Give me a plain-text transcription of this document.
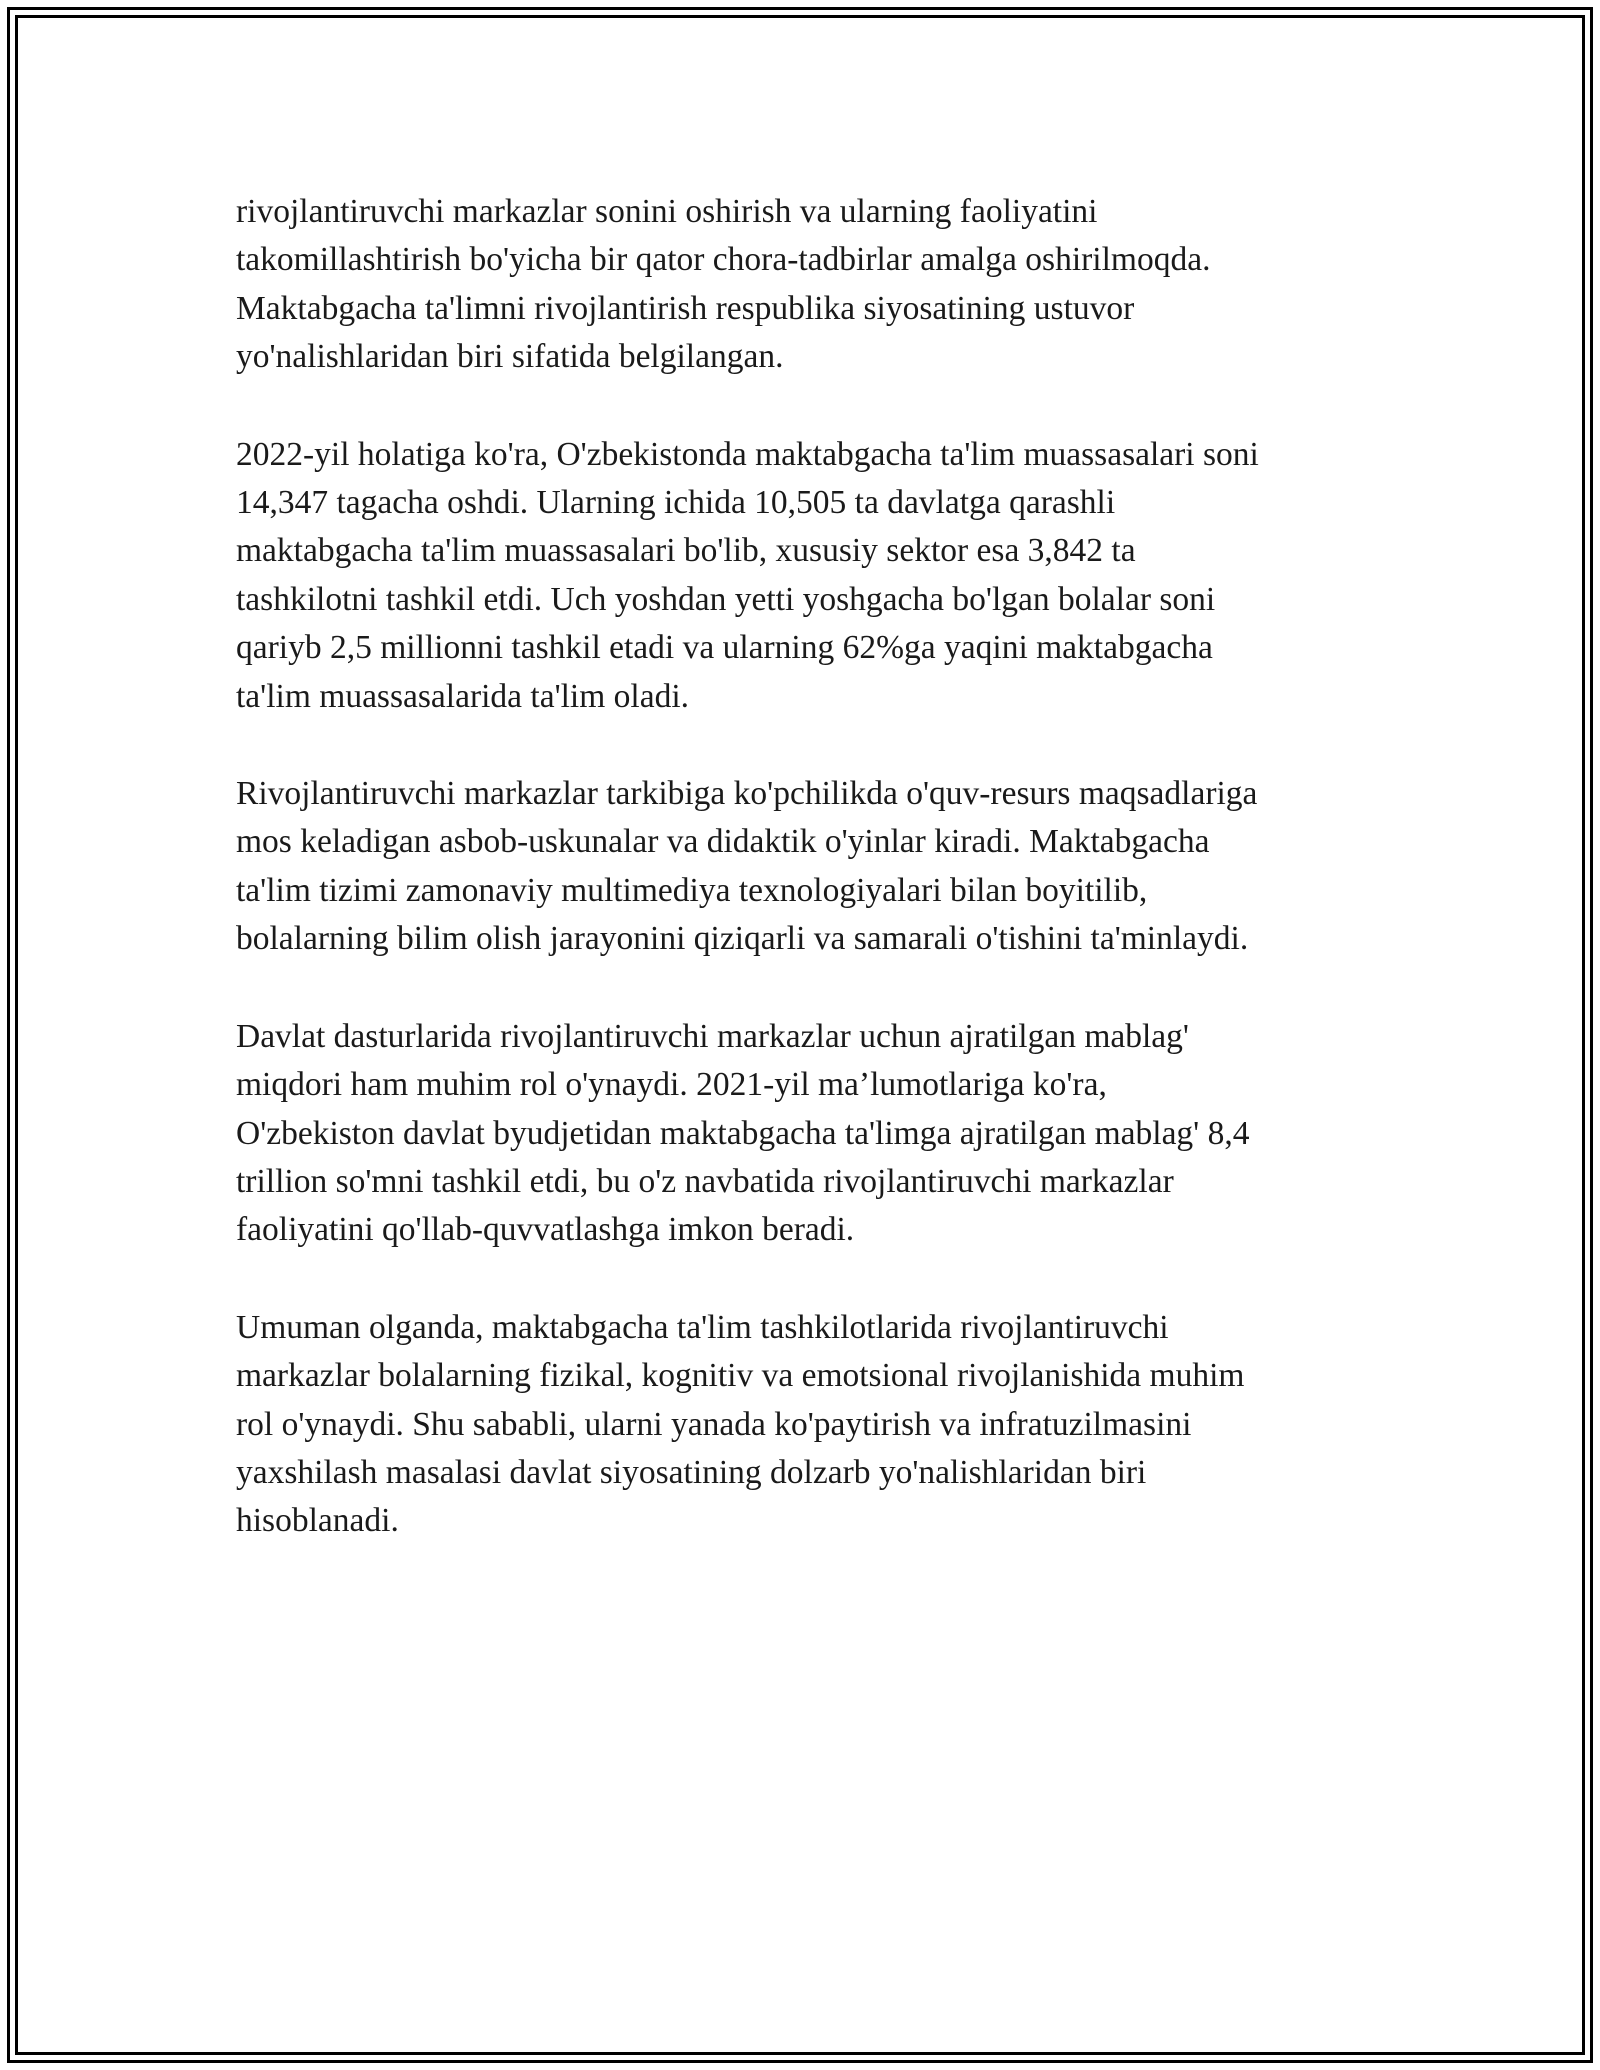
rivojlantiruvchi markazlar sonini oshirish va ularning faoliyatini
takomillashtirish bo'yicha bir qator chora-tadbirlar amalga oshirilmoqda.
Maktabgacha ta'limni rivojlantirish respublika siyosatining ustuvor
yo'nalishlaridan biri sifatida belgilangan.

2022-yil holatiga ko'ra, O'zbekistonda maktabgacha ta'lim muassasalari soni
14,347 tagacha oshdi. Ularning ichida 10,505 ta davlatga qarashli
maktabgacha ta'lim muassasalari bo'lib, xususiy sektor esa 3,842 ta
tashkilotni tashkil etdi. Uch yoshdan yetti yoshgacha bo'lgan bolalar soni
qariyb 2,5 millionni tashkil etadi va ularning 62%ga yaqini maktabgacha
ta'lim muassasalarida ta'lim oladi.

Rivojlantiruvchi markazlar tarkibiga ko'pchilikda o'quv-resurs maqsadlariga
mos keladigan asbob-uskunalar va didaktik o'yinlar kiradi. Maktabgacha
ta'lim tizimi zamonaviy multimediya texnologiyalari bilan boyitilib,
bolalarning bilim olish jarayonini qiziqarli va samarali o'tishini ta'minlaydi.

Davlat dasturlarida rivojlantiruvchi markazlar uchun ajratilgan mablag'
miqdori ham muhim rol o'ynaydi. 2021-yil ma’lumotlariga ko'ra,
O'zbekiston davlat byudjetidan maktabgacha ta'limga ajratilgan mablag' 8,4
trillion so'mni tashkil etdi, bu o'z navbatida rivojlantiruvchi markazlar
faoliyatini qo'llab-quvvatlashga imkon beradi.

Umuman olganda, maktabgacha ta'lim tashkilotlarida rivojlantiruvchi
markazlar bolalarning fizikal, kognitiv va emotsional rivojlanishida muhim
rol o'ynaydi. Shu sababli, ularni yanada ko'paytirish va infratuzilmasini
yaxshilash masalasi davlat siyosatining dolzarb yo'nalishlaridan biri
hisoblanadi.
